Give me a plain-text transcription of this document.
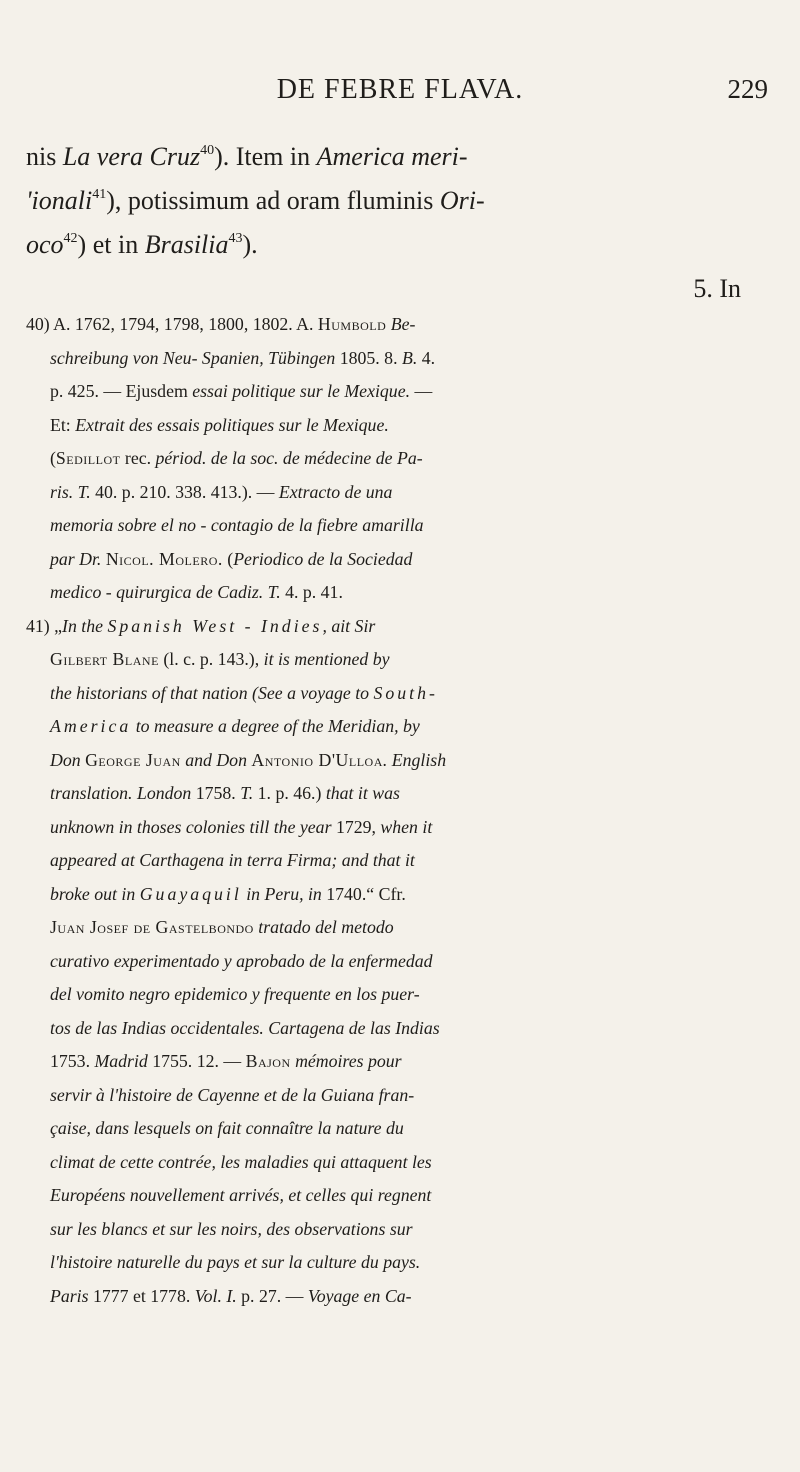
DE FEBRE FLAVA.	229
nis La vera Cruz$^{40}$). Item in America meri-
'ionali$^{41}$), potissimum ad oram fluminis Ori-
oco$^{42}$) et in Brasilia$^{43}$).
5. In
40) A. 1762, 1794, 1798, 1800, 1802. A. Humbold Be-
schreibung von Neu- Spanien, Tübingen 1805. 8. B. 4.
p. 425. — Ejusdem essai politique sur le Mexique. —
Et: Extrait des essais politiques sur le Mexique.
(Sedillot rec. périod. de la soc. de médecine de Pa-
ris. T. 40. p. 210. 338. 413.). — Extracto de una
memoria sobre el no - contagio de la fiebre amarilla
par Dr. Nicol. Molero. (Periodico de la Sociedad
medico - quirurgica de Cadiz. T. 4. p. 41.
41) „In the Spanish West - Indies, ait Sir
Gilbert Blane (l. c. p. 143.), it is mentioned by
the historians of that nation (See a voyage to South-
America to measure a degree of the Meridian, by
Don George Juan and Don Antonio D'Ulloa. English
translation. London 1758. T. 1. p. 46.) that it was
unknown in thoses colonies till the year 1729, when it
appeared at Carthagena in terra Firma; and that it
broke out in Guayaquil in Peru, in 1740.“ Cfr.
Juan Josef de Gastelbondo tratado del metodo
curativo experimentado y aprobado de la enfermedad
del vomito negro epidemico y frequente en los puer-
tos de las Indias occidentales. Cartagena de las Indias
1753. Madrid 1755. 12. — Bajon mémoires pour
servir à l'histoire de Cayenne et de la Guiana fran-
çaise, dans lesquels on fait connaître la nature du
climat de cette contrée, les maladies qui attaquent les
Européens nouvellement arrivés, et celles qui regnent
sur les blancs et sur les noirs, des observations sur
l'histoire naturelle du pays et sur la culture du pays.
Paris 1777 et 1778. Vol. I. p. 27. — Voyage en Ca-
